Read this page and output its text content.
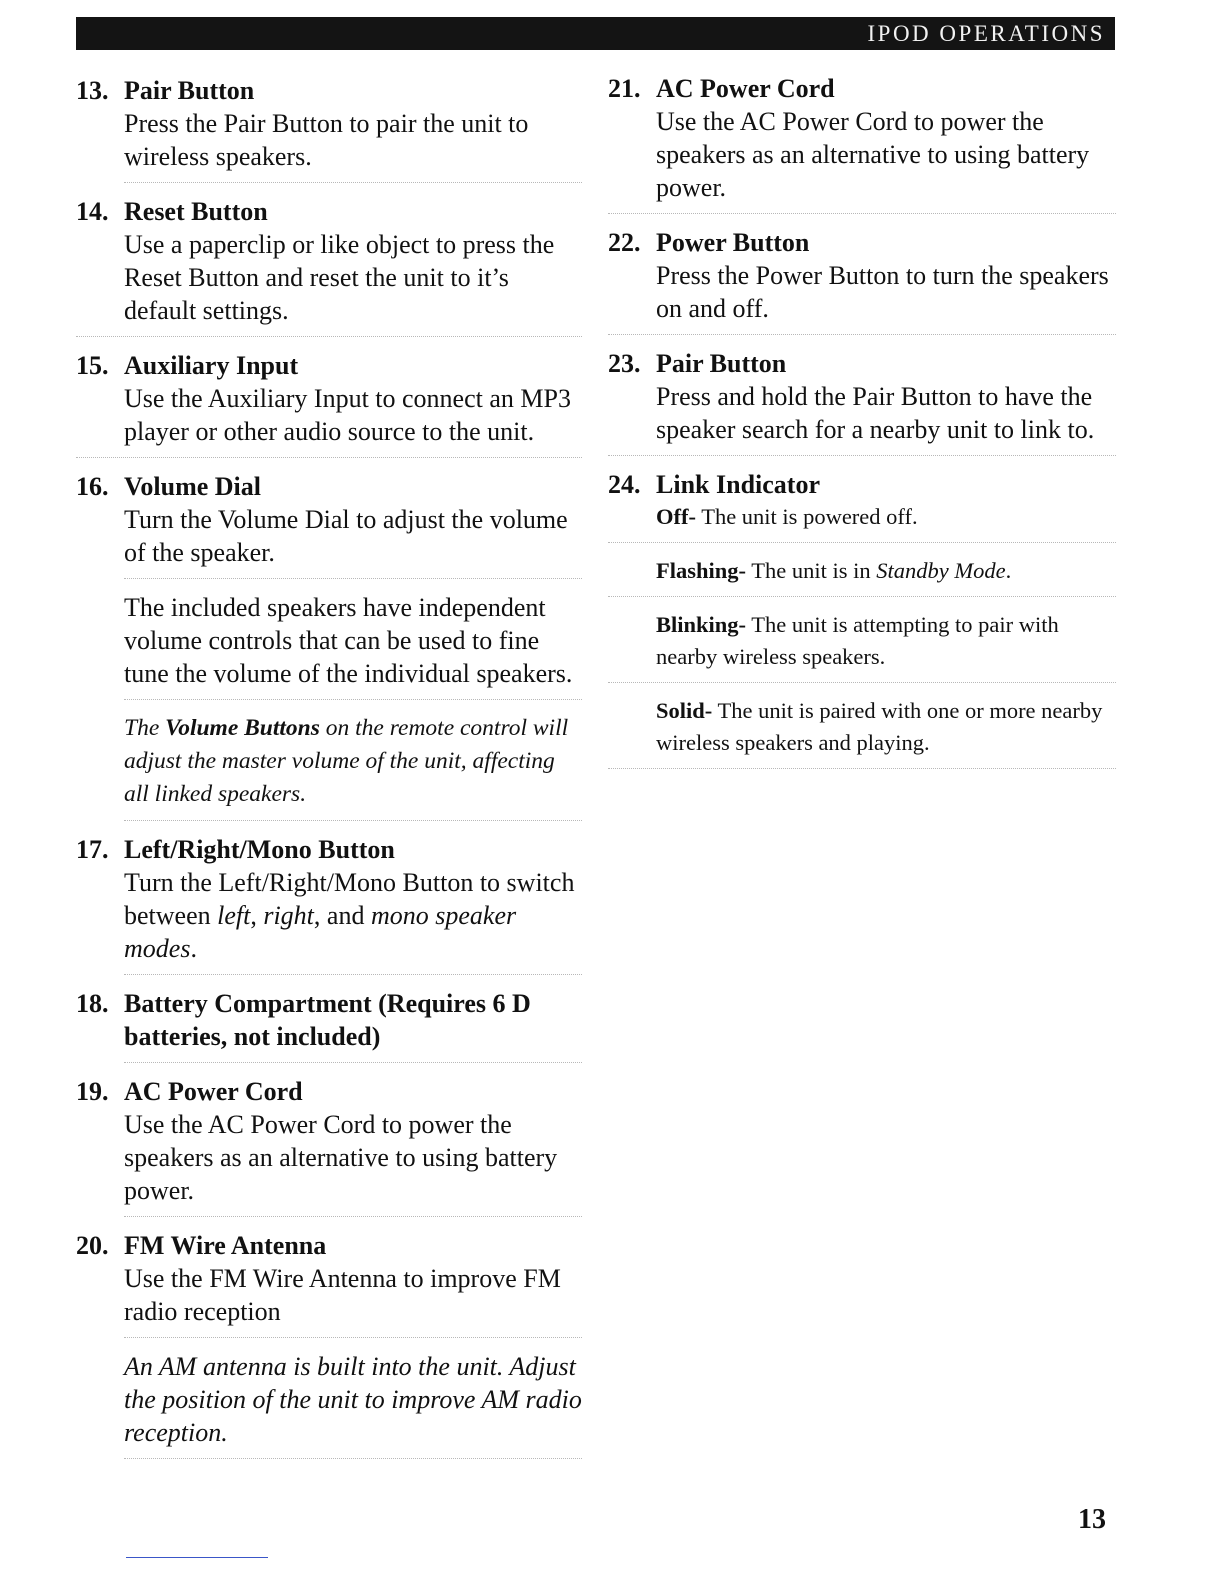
IPOD OPERATIONS
13. Pair Button
Press the Pair Button to pair the unit to wireless speakers.
14. Reset Button
Use a paperclip or like object to press the Reset Button and reset the unit to it’s default settings.
15. Auxiliary Input
Use the Auxiliary Input to connect an MP3 player or other audio source to the unit.
16. Volume Dial
Turn the Volume Dial to adjust the volume of the speaker.
The included speakers have independent volume controls that can be used to fine tune the volume of the individual speakers.
The Volume Buttons on the remote control will adjust the master volume of the unit, affecting all linked speakers.
17. Left/Right/Mono Button
Turn the Left/Right/Mono Button to switch between left, right, and mono speaker modes.
18. Battery Compartment (Requires 6 D batteries, not included)
19. AC Power Cord
Use the AC Power Cord to power the speakers as an alternative to using battery power.
20. FM Wire Antenna
Use the FM Wire Antenna to improve FM radio reception
An AM antenna is built into the unit. Adjust the position of the unit to improve AM radio reception.
21. AC Power Cord
Use the AC Power Cord to power the speakers as an alternative to using battery power.
22. Power Button
Press the Power Button to turn the speakers on and off.
23. Pair Button
Press and hold the Pair Button to have the speaker search for a nearby unit to link to.
24. Link Indicator
Off- The unit is powered off.
Flashing- The unit is in Standby Mode.
Blinking- The unit is attempting to pair with nearby wireless speakers.
Solid- The unit is paired with one or more nearby wireless speakers and playing.
13
